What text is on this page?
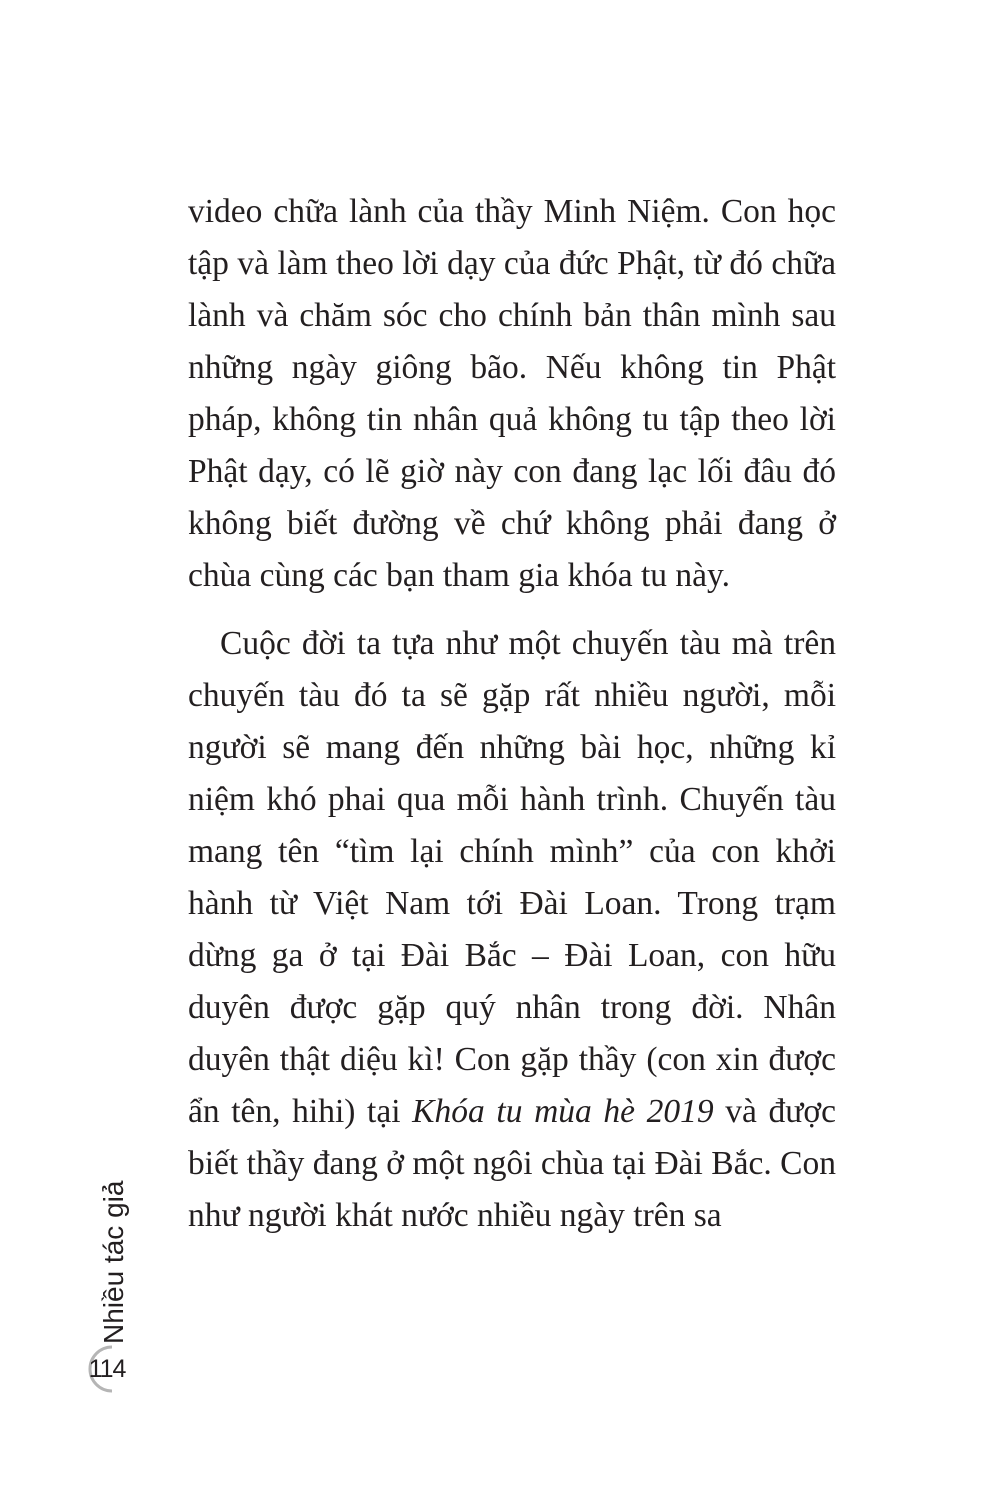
video chữa lành của thầy Minh Niệm. Con học tập và làm theo lời dạy của đức Phật, từ đó chữa lành và chăm sóc cho chính bản thân mình sau những ngày giông bão. Nếu không tin Phật pháp, không tin nhân quả không tu tập theo lời Phật dạy, có lẽ giờ này con đang lạc lối đâu đó không biết đường về chứ không phải đang ở chùa cùng các bạn tham gia khóa tu này.

Cuộc đời ta tựa như một chuyến tàu mà trên chuyến tàu đó ta sẽ gặp rất nhiều người, mỗi người sẽ mang đến những bài học, những kỉ niệm khó phai qua mỗi hành trình. Chuyến tàu mang tên “tìm lại chính mình” của con khởi hành từ Việt Nam tới Đài Loan. Trong trạm dừng ga ở tại Đài Bắc – Đài Loan, con hữu duyên được gặp quý nhân trong đời. Nhân duyên thật diệu kì! Con gặp thầy (con xin được ẩn tên, hihi) tại Khóa tu mùa hè 2019 và được biết thầy đang ở một ngôi chùa tại Đài Bắc. Con như người khát nước nhiều ngày trên sa

Nhiều tác giả
114
